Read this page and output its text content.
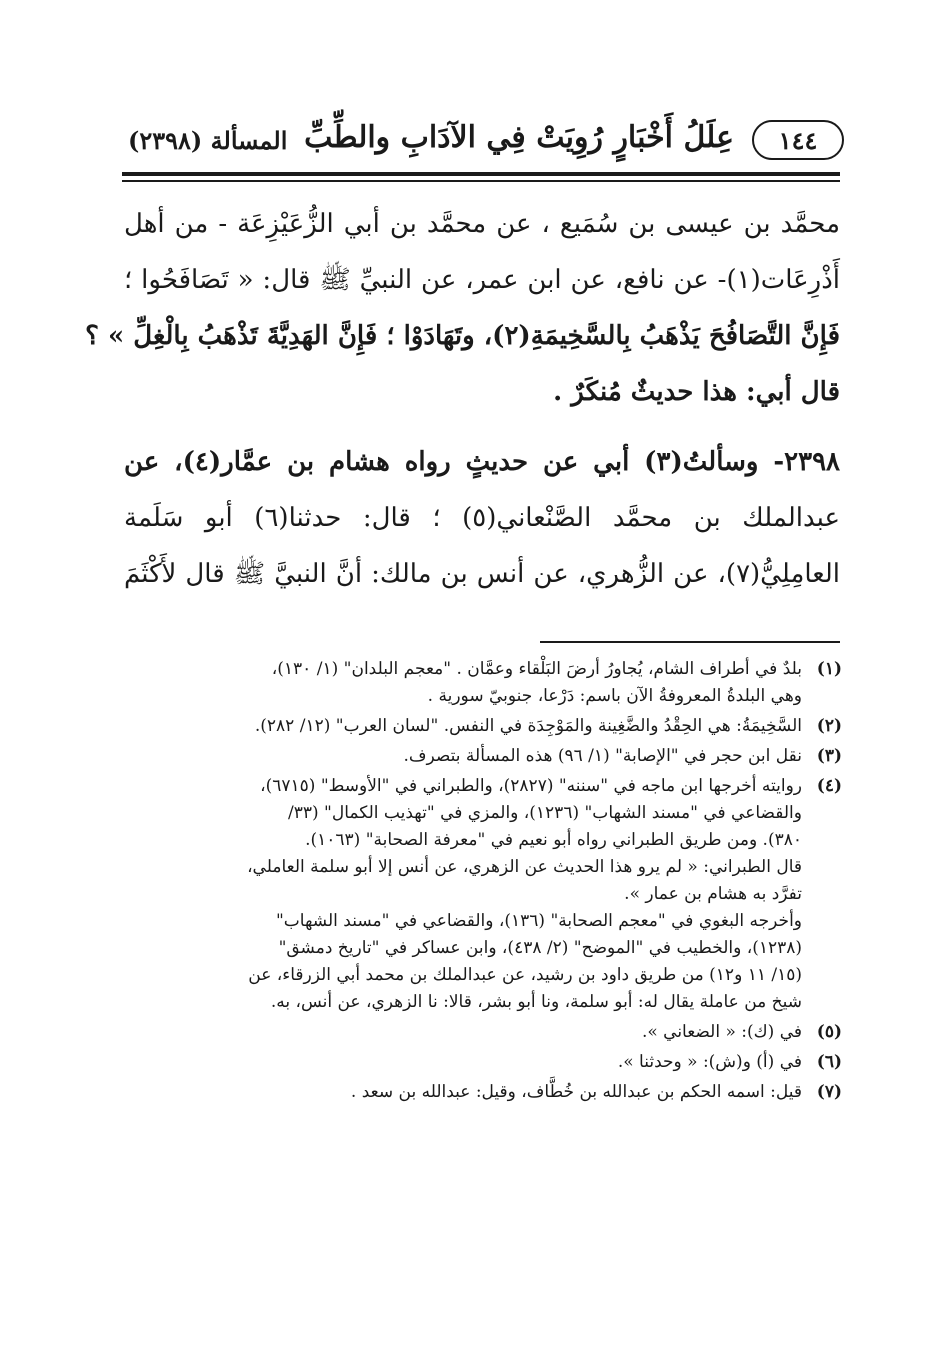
١٤٤
عِلَلُ أَخْبَارٍ رُوِيَتْ فِي الآدَابِ والطِّبِّ
المسألة (٢٣٩٨)

محمَّد بن عيسى بن سُمَيع ، عن محمَّد بن أبي الزُّعَيْزِعَة - من أهل
أَذْرِعَات(١)- عن نافع، عن ابن عمر، عن النبيِّ ﷺ قال: « تَصَافَحُوا ؛
فَإِنَّ التَّصَافُحَ يَذْهَبُ بِالسَّخِيمَةِ(٢)، وتَهَادَوْا ؛ فَإِنَّ الهَدِيَّةَ تَذْهَبُ بِالْغِلِّ » ؟
قال أبي: هذا حديثٌ مُنكَرٌ .

٢٣٩٨- وسألتُ(٣) أبي عن حديثٍ رواه هشام بن عمَّار(٤)، عن
عبدالملك بن محمَّد الصَّنْعاني(٥) ؛ قال: حدثنا(٦) أبو سَلَمة
العامِلِيُّ(٧)، عن الزُّهري، عن أنس بن مالك: أنَّ النبيَّ ﷺ قال لأَكْثَمَ

(١)
بلدٌ في أطراف الشام، يُجاورُ أرضَ البَلْقاء وعمَّان . "معجم البلدان" (١/ ١٣٠)،
وهي البلدةُ المعروفةُ الآن باسم: دَرْعا، جنوبيّ سورية .
(٢)
السَّخِيمَةُ: هي الحِقْدُ والضَّغِينة والمَوْجِدَة في النفس. "لسان العرب" (١٢/ ٢٨٢).
(٣)
نقل ابن حجر في "الإصابة" (١/ ٩٦) هذه المسألة بتصرف.
(٤)
روايته أخرجها ابن ماجه في "سننه" (٢٨٢٧)، والطبراني في "الأوسط" (٦٧١٥)،
والقضاعي في "مسند الشهاب" (١٢٣٦)، والمزي في "تهذيب الكمال" (٣٣/
٣٨٠). ومن طريق الطبراني رواه أبو نعيم في "معرفة الصحابة" (١٠٦٣).
قال الطبراني: « لم يرو هذا الحديث عن الزهري، عن أنس إلا أبو سلمة العاملي،
تفرَّد به هشام بن عمار ».
وأخرجه البغوي في "معجم الصحابة" (١٣٦)، والقضاعي في "مسند الشهاب"
(١٢٣٨)، والخطيب في "الموضح" (٢/ ٤٣٨)، وابن عساكر في "تاريخ دمشق"
(١٥/ ١١ و١٢) من طريق داود بن رشيد، عن عبدالملك بن محمد أبي الزرقاء، عن
شيخ من عاملة يقال له: أبو سلمة، ونا أبو بشر، قالا: نا الزهري، عن أنس، به.
(٥)
في (ك): « الضعاني ».
(٦)
في (أ) و(ش): « وحدثنا ».
(٧)
قيل: اسمه الحكم بن عبدالله بن خُطَّاف، وقيل: عبدالله بن سعد .
